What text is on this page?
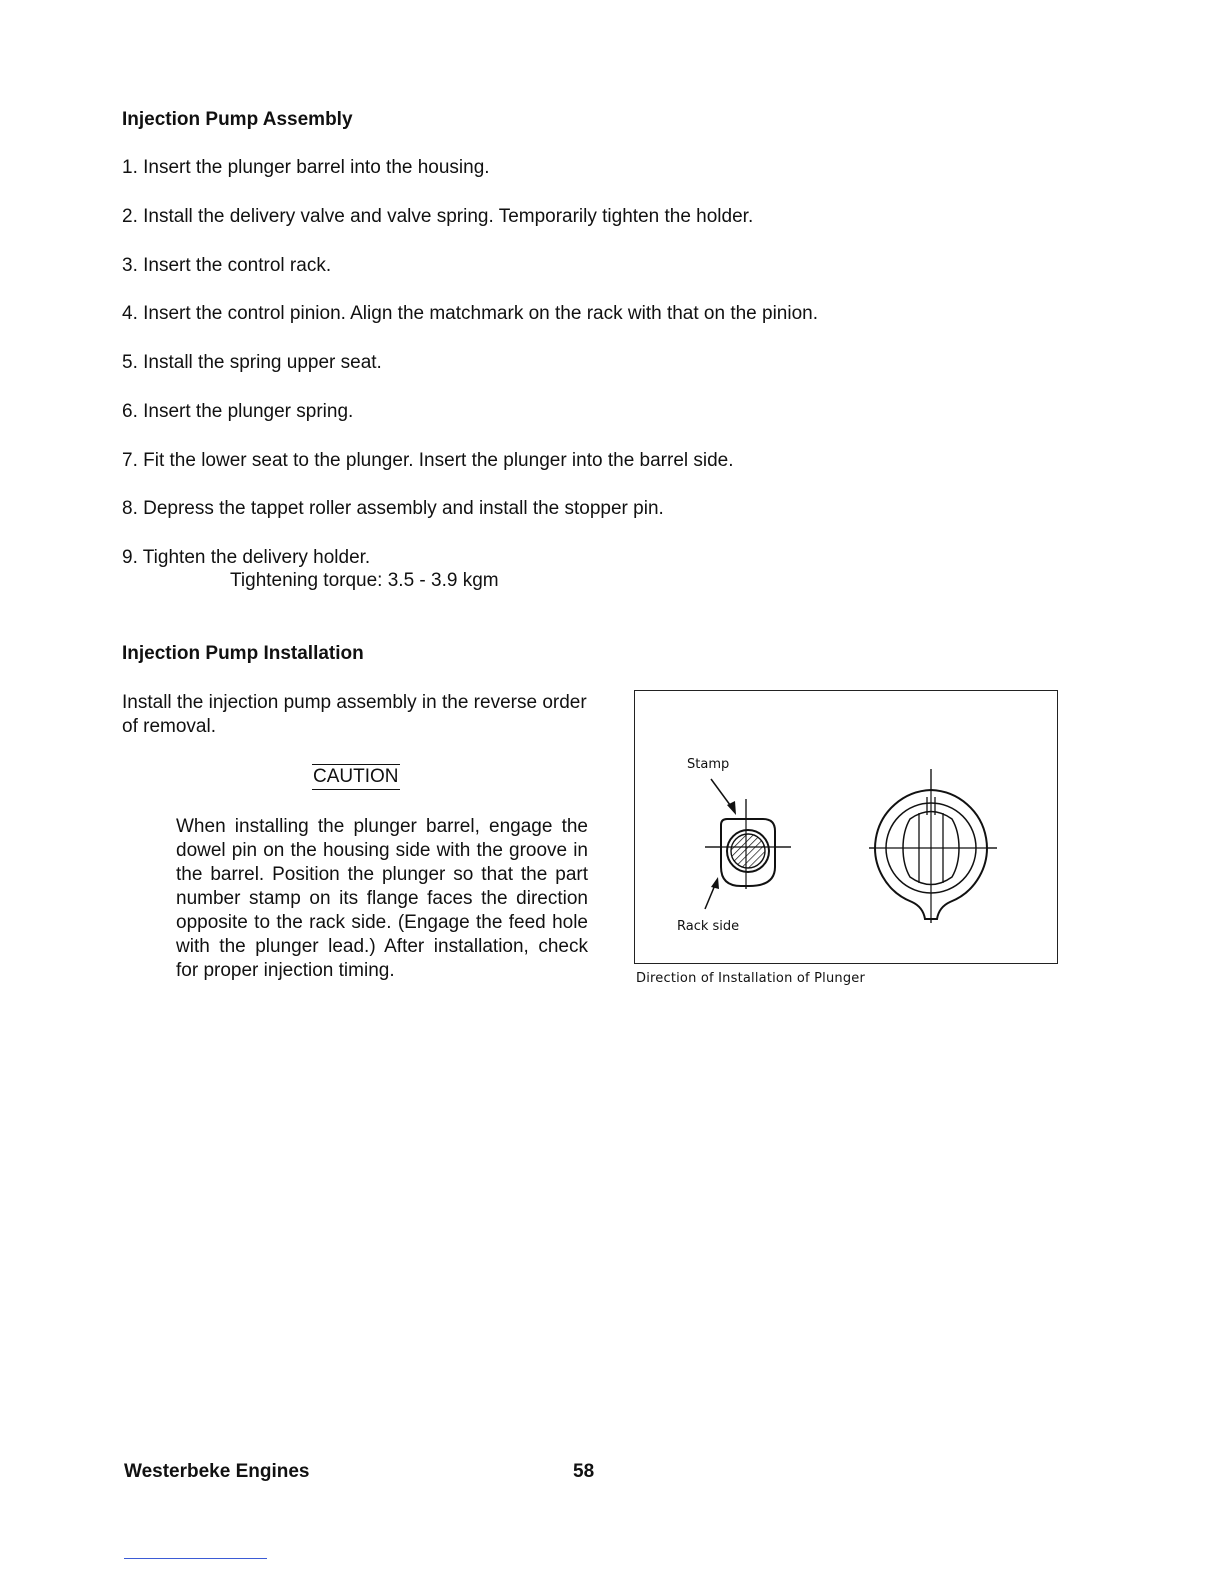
Injection Pump Assembly
1. Insert the plunger barrel into the housing.
2. Install the delivery valve and valve spring. Temporarily tighten the holder.
3. Insert the control rack.
4. Insert the control pinion. Align the matchmark on the rack with that on the pinion.
5. Install the spring upper seat.
6. Insert the plunger spring.
7. Fit the lower seat to the plunger. Insert the plunger into the barrel side.
8. Depress the tappet roller assembly and install the stopper pin.
9. Tighten the delivery holder.
Tightening torque: 3.5 - 3.9 kgm
Injection Pump Installation
Install the injection pump assembly in the reverse order of removal.
CAUTION
When installing the plunger barrel, engage the dowel pin on the housing side with the groove in the barrel. Position the plunger so that the part number stamp on its flange faces the direction opposite to the rack side. (Engage the feed hole with the plunger lead.) After installation, check for proper injection timing.
Stamp
Rack side
Direction of Installation of Plunger
Westerbeke Engines	58
